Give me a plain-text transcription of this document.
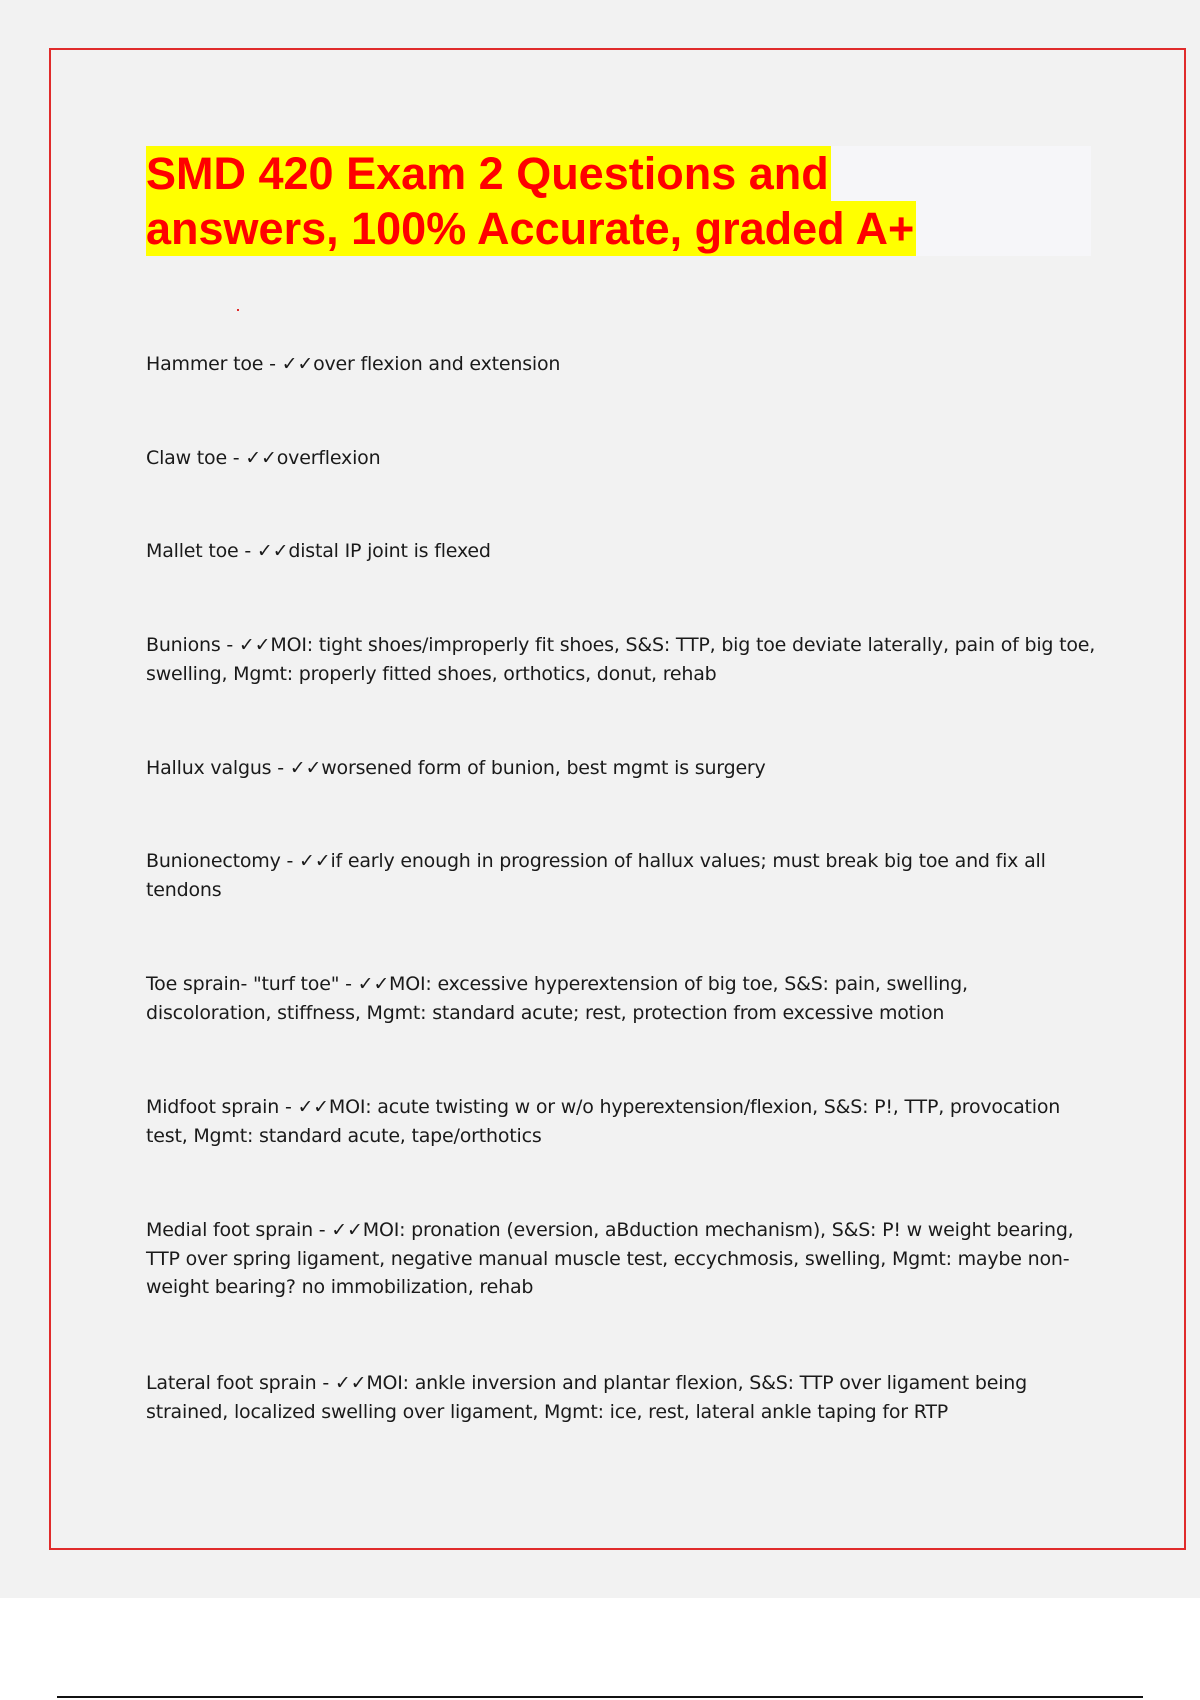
SMD 420 Exam 2 Questions and
answers, 100% Accurate, graded A+
Hammer toe - ✓✓over flexion and extension
Claw toe - ✓✓overflexion
Mallet toe - ✓✓distal IP joint is flexed
Bunions - ✓✓MOI: tight shoes/improperly fit shoes, S&S: TTP, big toe deviate laterally, pain of big toe, swelling, Mgmt: properly fitted shoes, orthotics, donut, rehab
Hallux valgus - ✓✓worsened form of bunion, best mgmt is surgery
Bunionectomy - ✓✓if early enough in progression of hallux values; must break big toe and fix all tendons
Toe sprain- "turf toe" - ✓✓MOI: excessive hyperextension of big toe, S&S: pain, swelling, discoloration, stiffness, Mgmt: standard acute; rest, protection from excessive motion
Midfoot sprain - ✓✓MOI: acute twisting w or w/o hyperextension/flexion, S&S: P!, TTP, provocation test, Mgmt: standard acute, tape/orthotics
Medial foot sprain - ✓✓MOI: pronation (eversion, aBduction mechanism), S&S: P! w weight bearing, TTP over spring ligament, negative manual muscle test, eccychmosis, swelling, Mgmt: maybe non-weight bearing? no immobilization, rehab
Lateral foot sprain - ✓✓MOI: ankle inversion and plantar flexion, S&S: TTP over ligament being strained, localized swelling over ligament, Mgmt: ice, rest, lateral ankle taping for RTP
